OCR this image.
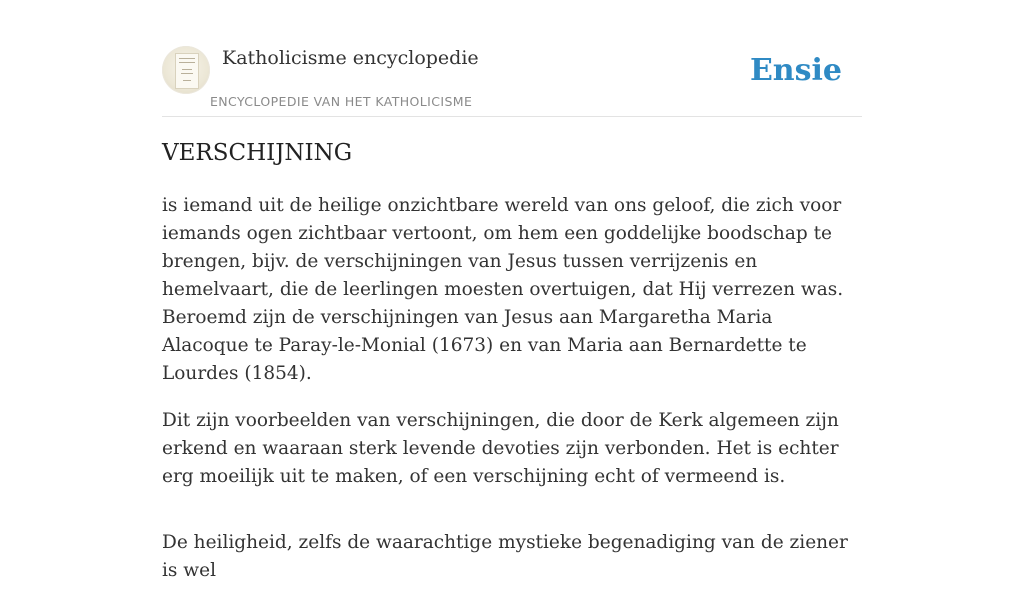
Katholicisme encyclopedie
ENCYCLOPEDIE VAN HET KATHOLICISME
Ensie
VERSCHIJNING

is iemand uit de heilige onzichtbare wereld van ons geloof, die zich voor iemands ogen zichtbaar vertoont, om hem een goddelijke boodschap te brengen, bijv. de verschijningen van Jesus tussen verrijzenis en hemelvaart, die de leerlingen moesten overtuigen, dat Hij verrezen was. Beroemd zijn de verschijningen van Jesus aan Margaretha Maria Alacoque te Paray-le-Monial (1673) en van Maria aan Bernardette te Lourdes (1854).

Dit zijn voorbeelden van verschijningen, die door de Kerk algemeen zijn erkend en waaraan sterk levende devoties zijn verbonden. Het is echter erg moeilijk uit te maken, of een verschijning echt of vermeend is.

De heiligheid, zelfs de waarachtige mystieke begenadiging van de ziener is wel
